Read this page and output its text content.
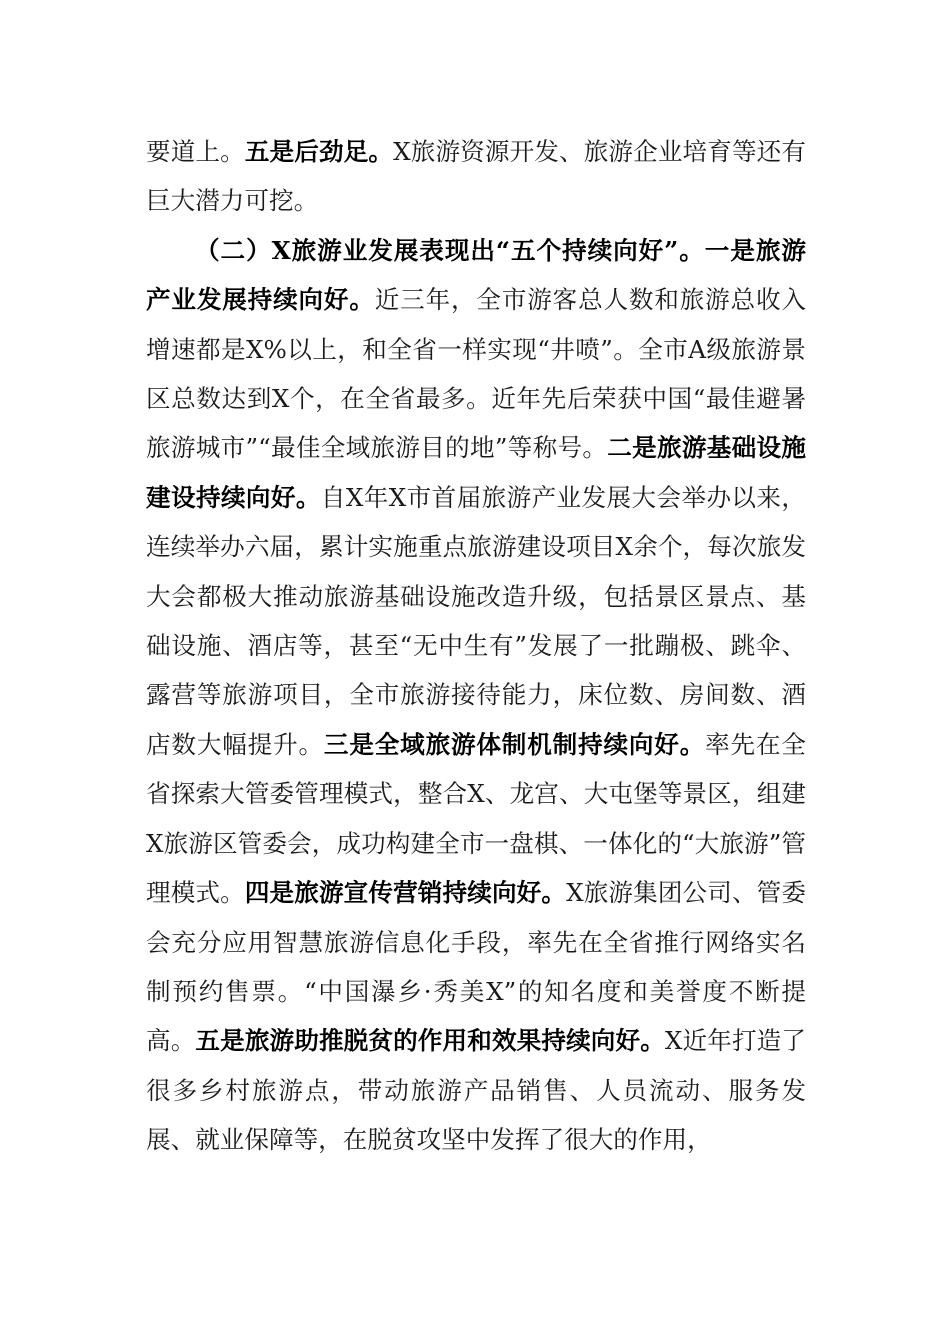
要道上。五是后劲足。X旅游资源开发、旅游企业培育等还有巨大潜力可挖。

（二）X旅游业发展表现出“五个持续向好”。一是旅游产业发展持续向好。近三年，全市游客总人数和旅游总收入增速都是X%以上，和全省一样实现“井喷”。全市A级旅游景区总数达到X个，在全省最多。近年先后荣获中国“最佳避暑旅游城市”“最佳全域旅游目的地”等称号。二是旅游基础设施建设持续向好。自X年X市首届旅游产业发展大会举办以来，连续举办六届，累计实施重点旅游建设项目X余个，每次旅发大会都极大推动旅游基础设施改造升级，包括景区景点、基础设施、酒店等，甚至“无中生有”发展了一批蹦极、跳伞、露营等旅游项目，全市旅游接待能力，床位数、房间数、酒店数大幅提升。三是全域旅游体制机制持续向好。率先在全省探索大管委管理模式，整合X、龙宫、大屯堡等景区，组建X旅游区管委会，成功构建全市一盘棋、一体化的“大旅游”管理模式。四是旅游宣传营销持续向好。X旅游集团公司、管委会充分应用智慧旅游信息化手段，率先在全省推行网络实名制预约售票。“中国瀑乡·秀美X”的知名度和美誉度不断提高。五是旅游助推脱贫的作用和效果持续向好。X近年打造了很多乡村旅游点，带动旅游产品销售、人员流动、服务发展、就业保障等，在脱贫攻坚中发挥了很大的作用，
